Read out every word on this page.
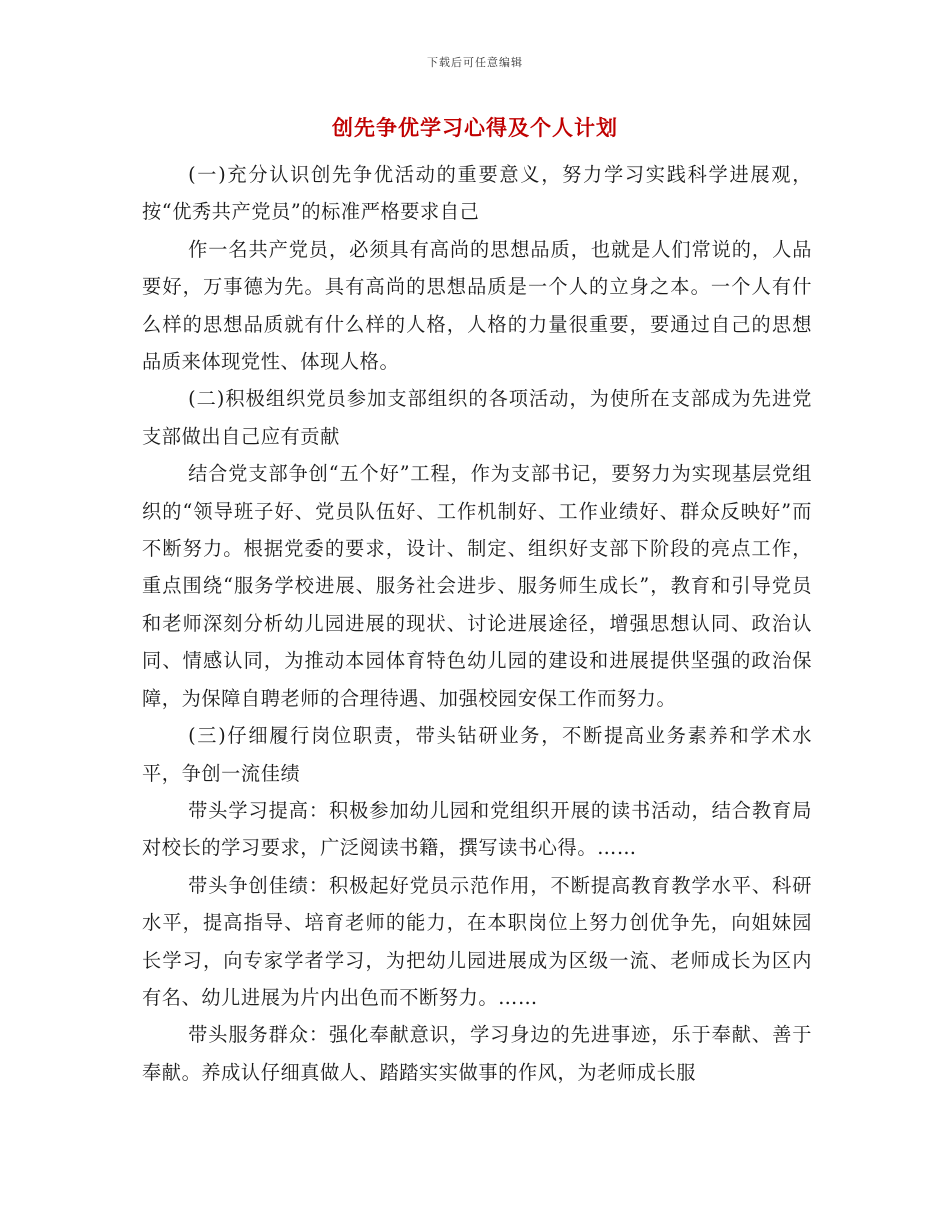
下载后可任意编辑
创先争优学习心得及个人计划

(一)充分认识创先争优活动的重要意义，努力学习实践科学进展观，按“优秀共产党员”的标准严格要求自己

作一名共产党员，必须具有高尚的思想品质，也就是人们常说的，人品要好，万事德为先。具有高尚的思想品质是一个人的立身之本。一个人有什么样的思想品质就有什么样的人格，人格的力量很重要，要通过自己的思想品质来体现党性、体现人格。

(二)积极组织党员参加支部组织的各项活动，为使所在支部成为先进党支部做出自己应有贡献

结合党支部争创“五个好”工程，作为支部书记，要努力为实现基层党组织的“领导班子好、党员队伍好、工作机制好、工作业绩好、群众反映好”而不断努力。根据党委的要求，设计、制定、组织好支部下阶段的亮点工作，重点围绕“服务学校进展、服务社会进步、服务师生成长”，教育和引导党员和老师深刻分析幼儿园进展的现状、讨论进展途径，增强思想认同、政治认同、情感认同，为推动本园体育特色幼儿园的建设和进展提供坚强的政治保障，为保障自聘老师的合理待遇、加强校园安保工作而努力。

(三)仔细履行岗位职责，带头钻研业务，不断提高业务素养和学术水平，争创一流佳绩

带头学习提高：积极参加幼儿园和党组织开展的读书活动，结合教育局对校长的学习要求，广泛阅读书籍，撰写读书心得。……

带头争创佳绩：积极起好党员示范作用，不断提高教育教学水平、科研水平，提高指导、培育老师的能力，在本职岗位上努力创优争先，向姐妹园长学习，向专家学者学习，为把幼儿园进展成为区级一流、老师成长为区内有名、幼儿进展为片内出色而不断努力。……

带头服务群众：强化奉献意识，学习身边的先进事迹，乐于奉献、善于奉献。养成认仔细真做人、踏踏实实做事的作风，为老师成长服
